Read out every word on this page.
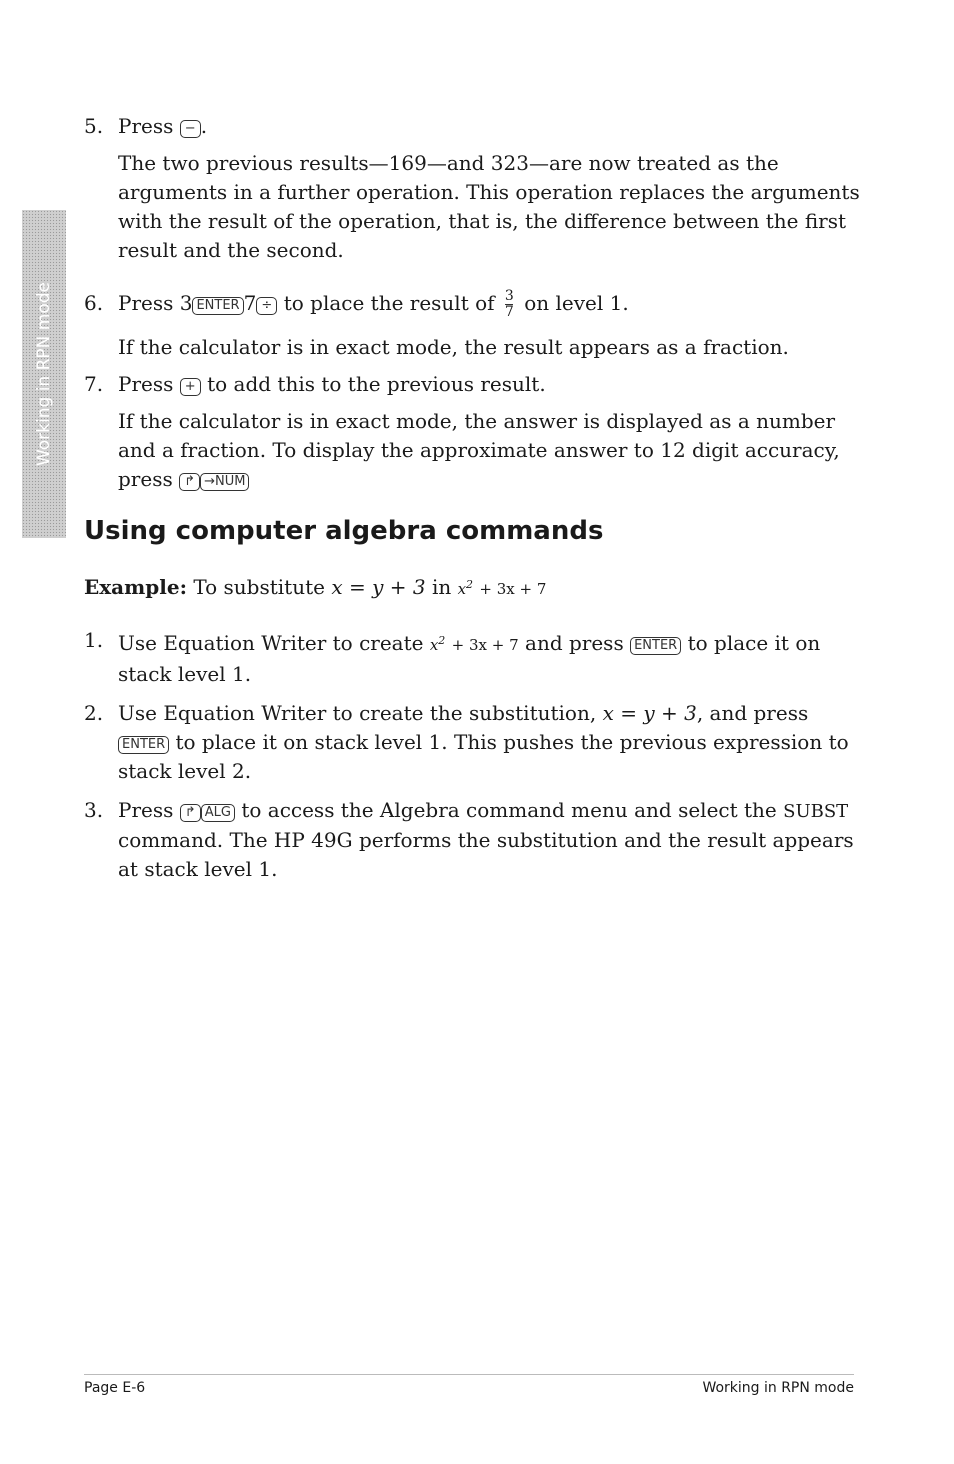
Working in RPN mode
5. Press − .

The two previous results—169—and 323—are now treated as the arguments in a further operation. This operation replaces the arguments with the result of the operation, that is, the difference between the first result and the second.

6. Press 3 ENTER 7 ÷ to place the result of $\frac{3}{7}$ on level 1.

If the calculator is in exact mode, the result appears as a fraction.

7. Press + to add this to the previous result.

If the calculator is in exact mode, the answer is displayed as a number and a fraction. To display the approximate answer to 12 digit accuracy, press ↱ →NUM

Using computer algebra commands
Example: To substitute x = y + 3 in $x^2 + 3x + 7$
1. Use Equation Writer to create $x^2 + 3x + 7$ and press ENTER to place it on stack level 1.

2. Use Equation Writer to create the substitution, x = y + 3, and press ENTER to place it on stack level 1. This pushes the previous expression to stack level 2.

3. Press ↱ ALG to access the Algebra command menu and select the SUBST command. The HP 49G performs the substitution and the result appears at stack level 1.

Page E-6	Working in RPN mode
